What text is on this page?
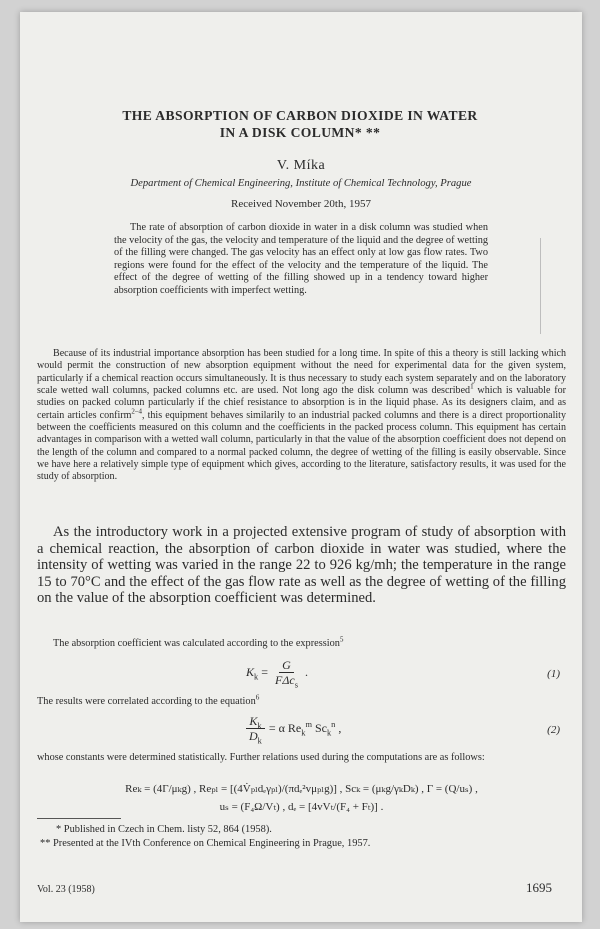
THE ABSORPTION OF CARBON DIOXIDE IN WATER
IN A DISK COLUMN* **

V. Míka

Department of Chemical Engineering, Institute of Chemical Technology, Prague

Received November 20th, 1957

The rate of absorption of carbon dioxide in water in a disk column was studied when the velocity of the gas, the velocity and temperature of the liquid and the degree of wetting of the filling were changed. The gas velocity has an effect only at low gas flow rates. Two regions were found for the effect of the velocity and the temperature of the liquid. The effect of the degree of wetting of the filling showed up in a tendency toward higher absorption coefficients with imperfect wetting.

Because of its industrial importance absorption has been studied for a long time. In spite of this a theory is still lacking which would permit the construction of new absorption equipment without the need for experimental data for the given system, particularly if a chemical reaction occurs simultaneously. It is thus necessary to study each system separately and on the laboratory scale wetted wall columns, packed columns etc. are used. Not long ago the disk column was described$^1$ which is valuable for studies on packed column particularly if the chief resistance to absorption is in the liquid phase. As its designers claim, and as certain articles confirm$^{2-4}$, this equipment behaves similarily to an industrial packed columns and there is a direct proportionality between the coefficients measured on this column and the coefficients in the packed process column. This equipment has certain advantages in comparison with a wetted wall column, particularly in that the value of the absorption coefficient does not depend on the length of the column and compared to a normal packed column, the degree of wetting of the filling is easily observable. Since we have here a relatively simple type of equipment which gives, according to the literature, satisfactory results, it was used for the study of absorption.

As the introductory work in a projected extensive program of study of absorption with a chemical reaction, the absorption of carbon dioxide in water was studied, where the intensity of wetting was varied in the range 22 to 926 kg/mh; the temperature in the range 15 to 70°C and the effect of the gas flow rate as well as the degree of wetting of the filling on the value of the absorption coefficient was determined.

The absorption coefficient was calculated according to the expression$^5$

$K_k = \frac{G}{F\Delta c_s}$ .	(1)

The results were correlated according to the equation$^6$

$\frac{K_k}{D_k} = \alpha$ $Re_k^m$ $Sc_k^n$ ,	(2)

whose constants were determined statistically. Further relations used during the computations are as follows:

Reₖ = (4Γ/μₖg) , Reₚₗ = [(4V̇ₚₗdₑγₚₗ)/(πdₑ²vμₚₗg)] , Scₖ = (μₖg/γₖDₖ) , Γ = (Q/uₛ) ,

uₛ = (F₄Ω/Vₜ) , dₑ = [4vVₜ/(F₄ + Fₜ)] .

* Published in Czech in Chem. listy 52, 864 (1958).

** Presented at the IVth Conference on Chemical Engineering in Prague, 1957.

Vol. 23 (1958)	1695
